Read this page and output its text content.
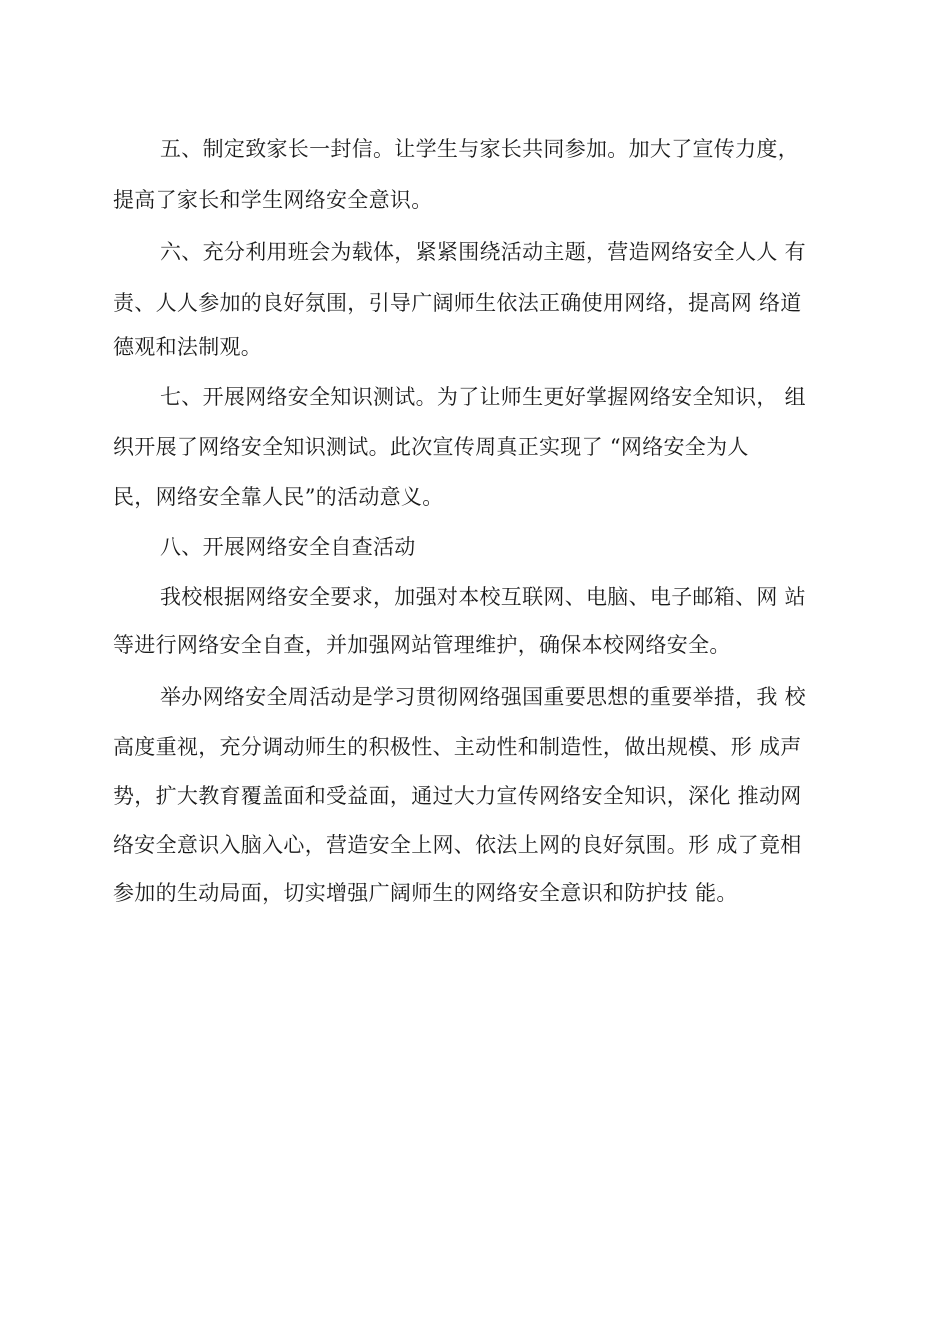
五、制定致家长一封信。让学生与家长共同参加。加大了宣传力度，
提高了家长和学生网络安全意识。
六、充分利用班会为载体，紧紧围绕活动主题，营造网络安全人人 有
责、人人参加的良好氛围，引导广阔师生依法正确使用网络，提高网 络道
德观和法制观。
七、开展网络安全知识测试。为了让师生更好掌握网络安全知识， 组
织开展了网络安全知识测试。此次宣传周真正实现了 “网络安全为人
民，网络安全靠人民”的活动意义。
八、开展网络安全自查活动
我校根据网络安全要求，加强对本校互联网、电脑、电子邮箱、网 站
等进行网络安全自查，并加强网站管理维护，确保本校网络安全。
举办网络安全周活动是学习贯彻网络强国重要思想的重要举措，我 校
高度重视，充分调动师生的积极性、主动性和制造性，做出规模、形 成声
势，扩大教育覆盖面和受益面，通过大力宣传网络安全知识，深化 推动网
络安全意识入脑入心，营造安全上网、依法上网的良好氛围。形 成了竟相
参加的生动局面，切实增强广阔师生的网络安全意识和防护技 能。
